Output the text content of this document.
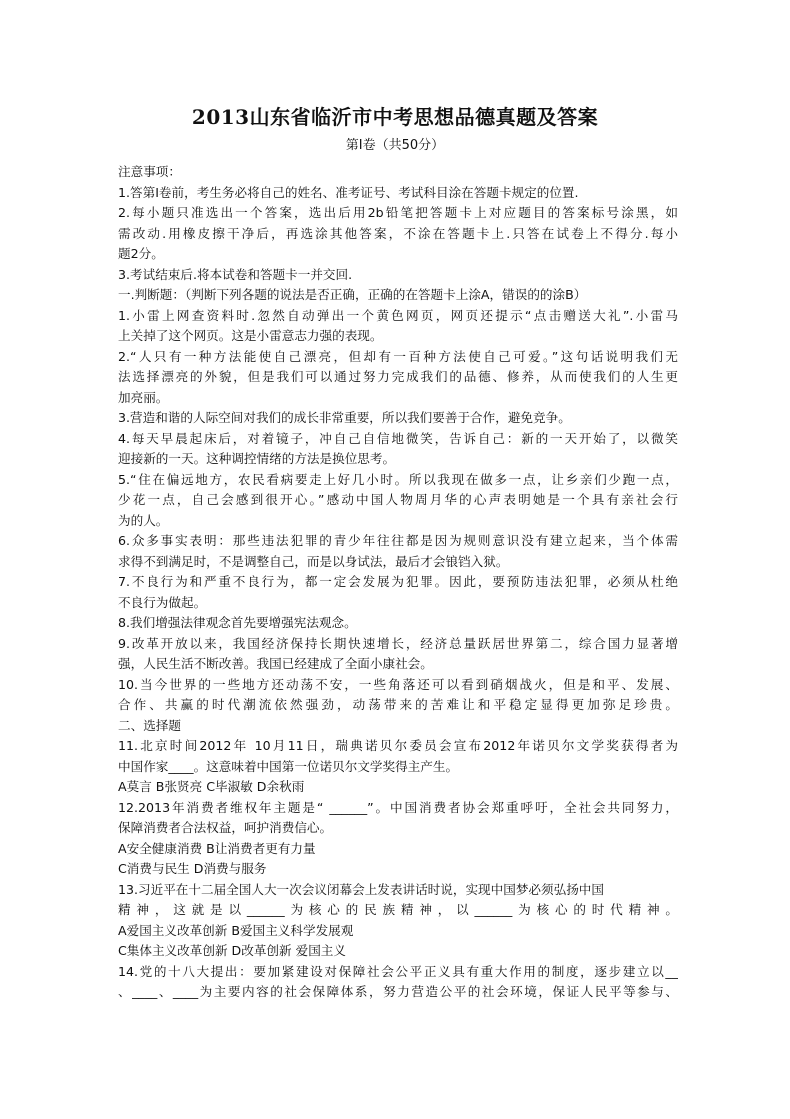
2013山东省临沂市中考思想品德真题及答案

第Ⅰ卷（共50分）

注意事项：
1.答第Ⅰ卷前，考生务必将自己的姓名、准考证号、考试科目涂在答题卡规定的位置.
2.每小题只准选出一个答案，选出后用2b铅笔把答题卡上对应题目的答案标号涂黑，如
需改动.用橡皮擦干净后，再选涂其他答案，不涂在答题卡上.只答在试卷上不得分.每小
题2分。
3.考试结束后.将本试卷和答题卡一并交回.
一.判断题：（判断下列各题的说法是否正确，正确的在答题卡上涂A，错误的的涂B）
1.小雷上网查资料时.忽然自动弹出一个黄色网页，网页还提示“点击赠送大礼”.小雷马
上关掉了这个网页。这是小雷意志力强的表现。
2.“人只有一种方法能使自己漂亮，但却有一百种方法使自己可爱。”这句话说明我们无
法选择漂亮的外貌，但是我们可以通过努力完成我们的品德、修养，从而使我们的人生更
加亮丽。
3.营造和谐的人际空间对我们的成长非常重要，所以我们要善于合作，避免竞争。
4.每天早晨起床后，对着镜子，冲自己自信地微笑，告诉自己：新的一天开始了，以微笑
迎接新的一天。这种调控情绪的方法是换位思考。
5.“住在偏远地方，农民看病要走上好几小时。所以我现在做多一点，让乡亲们少跑一点，
少花一点，自己会感到很开心。”感动中国人物周月华的心声表明她是一个具有亲社会行
为的人。
6.众多事实表明：那些违法犯罪的青少年往往都是因为规则意识没有建立起来，当个体需
求得不到满足时，不是调整自己，而是以身试法，最后才会锒铛入狱。
7.不良行为和严重不良行为，都一定会发展为犯罪。因此，要预防违法犯罪，必须从杜绝
不良行为做起。
8.我们增强法律观念首先要增强宪法观念。
9.改革开放以来，我国经济保持长期快速增长，经济总量跃居世界第二，综合国力显著增
强，人民生活不断改善。我国已经建成了全面小康社会。
10.当今世界的一些地方还动荡不安，一些角落还可以看到硝烟战火，但是和平、发展、
合作、共赢的时代潮流依然强劲，动荡带来的苦难让和平稳定显得更加弥足珍贵。
二、选择题
11.北京时间2012年 10月11日，瑞典诺贝尔委员会宣布2012年诺贝尔文学奖获得者为
中国作家____。这意味着中国第一位诺贝尔文学奖得主产生。
A莫言 B张贤亮 C毕淑敏 D余秋雨
12.2013年消费者维权年主题是“ ______”。中国消费者协会郑重呼吁，全社会共同努力，
保障消费者合法权益，呵护消费信心。
A安全健康消费 B让消费者更有力量
C消费与民生 D消费与服务
13.习近平在十二届全国人大一次会议闭幕会上发表讲话时说，实现中国梦必须弘扬中国
精神，这就是以______为核心的民族精神，以______为核心的时代精神。
A爱国主义改革创新 B爱国主义科学发展观
C集体主义改革创新 D改革创新 爱国主义
14.党的十八大提出：要加紧建设对保障社会公平正义具有重大作用的制度，逐步建立以__
、____、____为主要内容的社会保障体系，努力营造公平的社会环境，保证人民平等参与、
